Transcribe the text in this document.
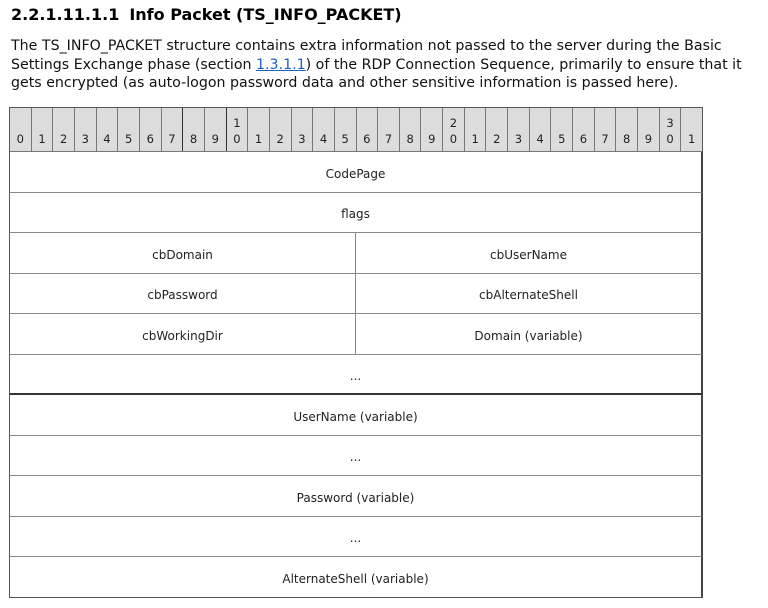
2.2.1.11.1.1 Info Packet (TS_INFO_PACKET)
The TS_INFO_PACKET structure contains extra information not passed to the server during the Basic
Settings Exchange phase (section 1.3.1.1) of the RDP Connection Sequence, primarily to ensure that it
gets encrypted (as auto-logon password data and other sensitive information is passed here).
0 1 2 3 4 5 6 7 8 9
1
0 1 2 3 4 5 6 7 8 9
2
0 1 2 3 4 5 6 7 8 9
3
0 1
CodePage
flags
cbDomain	cbUserName
cbPassword	cbAlternateShell
cbWorkingDir	Domain (variable)
...
UserName (variable)
...
Password (variable)
...
AlternateShell (variable)
